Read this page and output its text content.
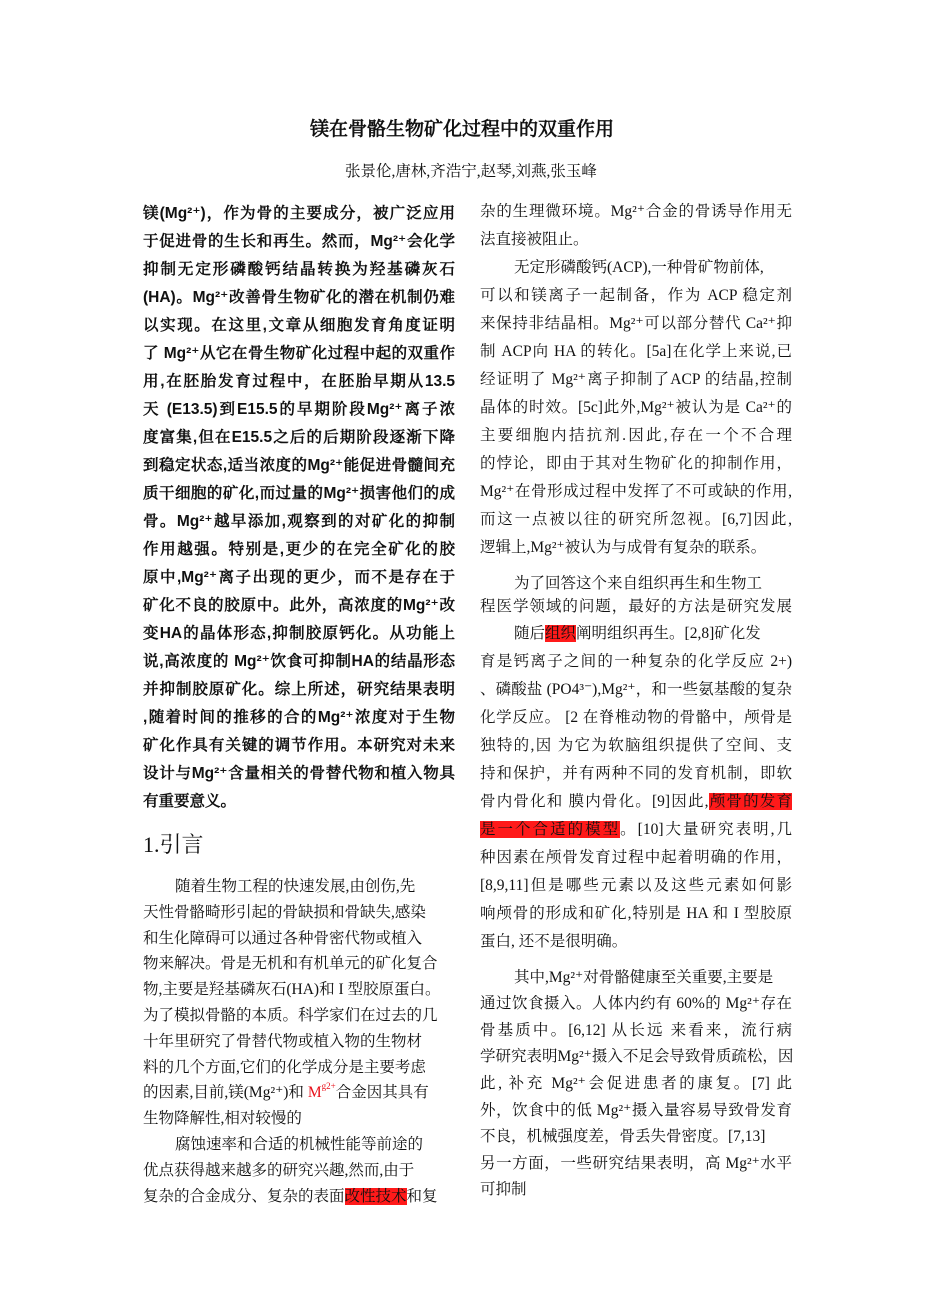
镁在骨骼生物矿化过程中的双重作用
张景伦,唐林,齐浩宁,赵琴,刘燕,张玉峰
镁(Mg²⁺)，作为骨的主要成分，被广泛应用
于促进骨的生长和再生。然而，Mg²⁺会化学
抑制无定形磷酸钙结晶转换为羟基磷灰石
(HA)。Mg²⁺改善骨生物矿化的潜在机制仍难
以实现。在这里,文章从细胞发育角度证明
了 Mg²⁺从它在骨生物矿化过程中起的双重作
用,在胚胎发育过程中，在胚胎早期从13.5
天 (E13.5)到E15.5的早期阶段Mg²⁺离子浓
度富集,但在E15.5之后的后期阶段逐渐下降
到稳定状态,适当浓度的Mg²⁺能促进骨髓间充
质干细胞的矿化,而过量的Mg²⁺损害他们的成
骨。Mg²⁺越早添加,观察到的对矿化的抑制
作用越强。特别是,更少的在完全矿化的胶
原中,Mg²⁺离子出现的更少，而不是存在于
矿化不良的胶原中。此外，高浓度的Mg²⁺改
变HA的晶体形态,抑制胶原钙化。从功能上
说,高浓度的 Mg²⁺饮食可抑制HA的结晶形态
并抑制胶原矿化。综上所述，研究结果表明
,随着时间的推移的合的Mg²⁺浓度对于生物
矿化作具有关键的调节作用。本研究对未来
设计与Mg²⁺含量相关的骨替代物和植入物具
有重要意义。
1.引言
随着生物工程的快速发展,由创伤,先
天性骨骼畸形引起的骨缺损和骨缺失,感染
和生化障碍可以通过各种骨密代物或植入
物来解决。骨是无机和有机单元的矿化复合
物,主要是羟基磷灰石(HA)和 I 型胶原蛋白。
为了模拟骨骼的本质。科学家们在过去的几
十年里研究了骨替代物或植入物的生物材
料的几个方面,它们的化学成分是主要考虑
的因素,目前,镁(Mg²⁺)和 $M^{g2+}$合金因其具有
生物降解性,相对较慢的
腐蚀速率和合适的机械性能等前途的
优点获得越来越多的研究兴趣,然而,由于
复杂的合金成分、复杂的表面改性技术和复
杂的生理微环境。Mg²⁺合金的骨诱导作用无
法直接被阻止。
无定形磷酸钙(ACP),一种骨矿物前体,
可以和镁离子一起制备，作为 ACP 稳定剂
来保持非结晶相。Mg²⁺可以部分替代 Ca²⁺抑
制 ACP向 HA 的转化。[5a]在化学上来说,已
经证明了 Mg²⁺离子抑制了ACP 的结晶,控制
晶体的时效。[5c]此外,Mg²⁺被认为是 Ca²⁺的
主要细胞内拮抗剂.因此,存在一个不合理
的悖论，即由于其对生物矿化的抑制作用，
Mg²⁺在骨形成过程中发挥了不可或缺的作用,
而这一点被以往的研究所忽视。[6,7]因此,
逻辑上,Mg²⁺被认为与成骨有复杂的联系。
为了回答这个来自组织再生和生物工
程医学领域的问题，最好的方法是研究发展
随后组织阐明组织再生。[2,8]矿化发
育是钙离子之间的一种复杂的化学反应 2+)
、磷酸盐 (PO4³⁻),Mg²⁺，和一些氨基酸的复杂
化学反应。 [2 在脊椎动物的骨骼中，颅骨是
独特的,因 为它为软脑组织提供了空间、支
持和保护，并有两种不同的发育机制，即软
骨内骨化和 膜内骨化。[9]因此,颅骨的发育
是一个合适的模型。[10]大量研究表明,几
种因素在颅骨发育过程中起着明确的作用，
[8,9,11]但是哪些元素以及这些元素如何影
响颅骨的形成和矿化,特别是 HA 和 I 型胶原
蛋白, 还不是很明确。
其中,Mg²⁺对骨骼健康至关重要,主要是
通过饮食摄入。人体内约有 60%的 Mg²⁺存在
骨基质中。[6,12] 从长远 来看来，流行病
学研究表明Mg²⁺摄入不足会导致骨质疏松，因
此, 补充 Mg²⁺会促进患者的康复。[7] 此
外，饮食中的低 Mg²⁺摄入量容易导致骨发育
不良，机械强度差，骨丢失骨密度。[7,13]
另一方面，一些研究结果表明，高 Mg²⁺水平
可抑制
